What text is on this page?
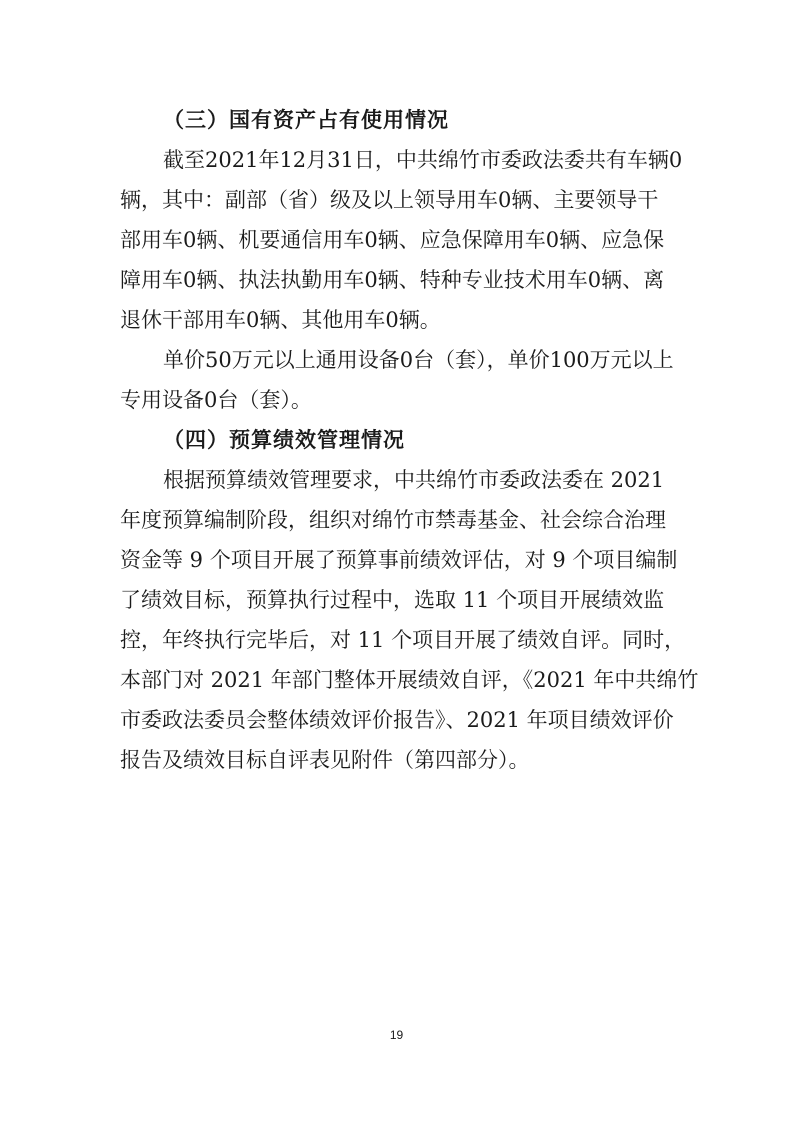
（三）国有资产占有使用情况

截至2021年12月31日，中共绵竹市委政法委共有车辆0

辆，其中：副部（省）级及以上领导用车0辆、主要领导干

部用车0辆、机要通信用车0辆、应急保障用车0辆、应急保

障用车0辆、执法执勤用车0辆、特种专业技术用车0辆、离

退休干部用车0辆、其他用车0辆。

单价50万元以上通用设备0台（套），单价100万元以上

专用设备0台（套）。

（四）预算绩效管理情况

根据预算绩效管理要求，中共绵竹市委政法委在 2021

年度预算编制阶段，组织对绵竹市禁毒基金、社会综合治理

资金等 9 个项目开展了预算事前绩效评估，对 9 个项目编制

了绩效目标，预算执行过程中，选取 11 个项目开展绩效监

控，年终执行完毕后，对 11 个项目开展了绩效自评。同时，

本部门对 2021 年部门整体开展绩效自评，《2021 年中共绵竹

市委政法委员会整体绩效评价报告》、2021 年项目绩效评价

报告及绩效目标自评表见附件（第四部分）。

19
